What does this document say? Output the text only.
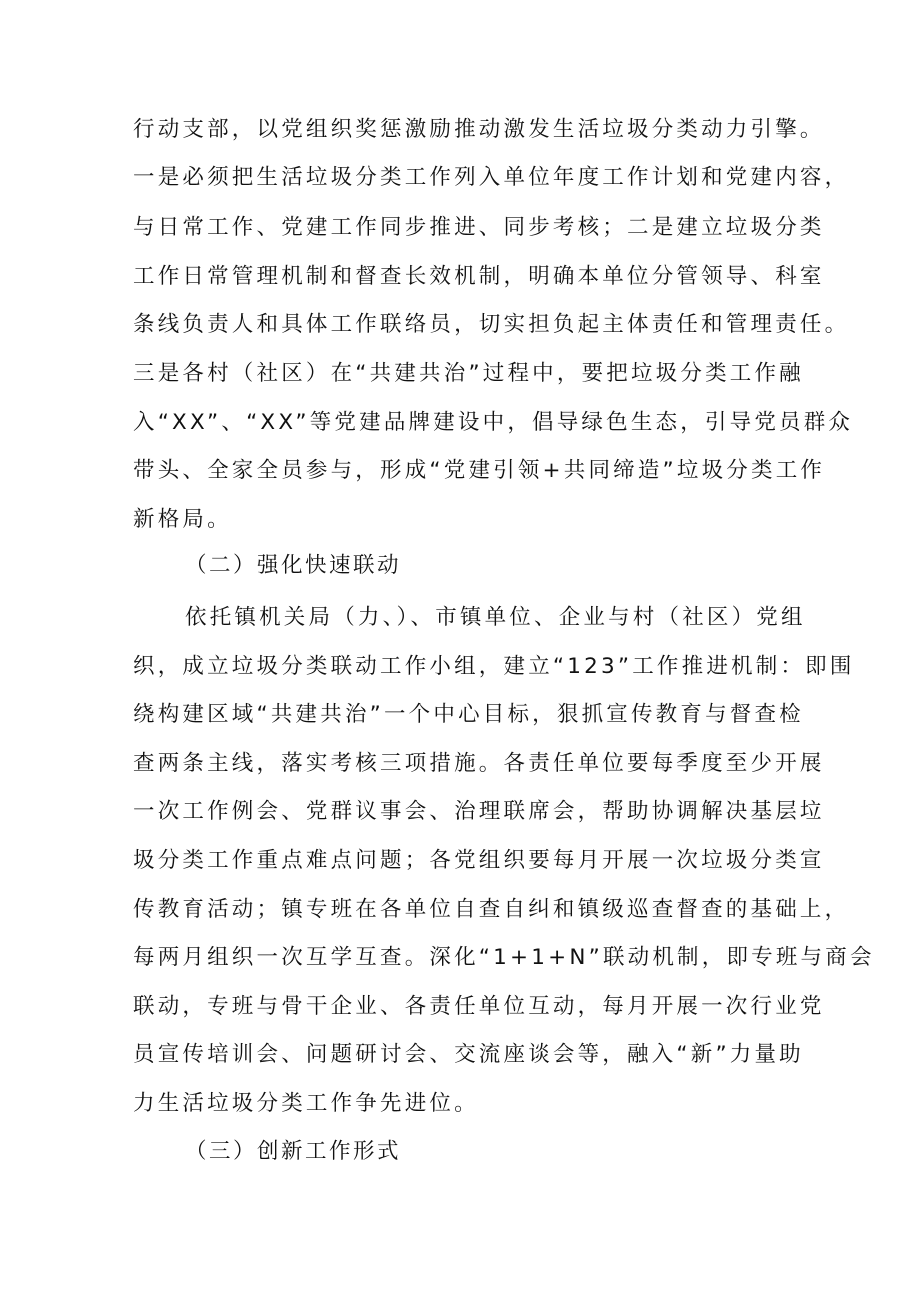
行动支部，以党组织奖惩激励推动激发生活垃圾分类动力引擎。
一是必须把生活垃圾分类工作列入单位年度工作计划和党建内容，
与日常工作、党建工作同步推进、同步考核；二是建立垃圾分类
工作日常管理机制和督查长效机制，明确本单位分管领导、科室
条线负责人和具体工作联络员，切实担负起主体责任和管理责任。
三是各村（社区）在“共建共治”过程中，要把垃圾分类工作融
入“XX”、“XX”等党建品牌建设中，倡导绿色生态，引导党员群众
带头、全家全员参与，形成“党建引领+共同缔造”垃圾分类工作
新格局。
（二）强化快速联动
依托镇机关局（力、）、市镇单位、企业与村（社区）党组
织，成立垃圾分类联动工作小组，建立“123”工作推进机制：即围
绕构建区域“共建共治”一个中心目标，狠抓宣传教育与督查检
查两条主线，落实考核三项措施。各责任单位要每季度至少开展
一次工作例会、党群议事会、治理联席会，帮助协调解决基层垃
圾分类工作重点难点问题；各党组织要每月开展一次垃圾分类宣
传教育活动；镇专班在各单位自查自纠和镇级巡查督查的基础上，
每两月组织一次互学互查。深化“1+1+N”联动机制，即专班与商会
联动，专班与骨干企业、各责任单位互动，每月开展一次行业党
员宣传培训会、问题研讨会、交流座谈会等，融入“新”力量助
力生活垃圾分类工作争先进位。
（三）创新工作形式
